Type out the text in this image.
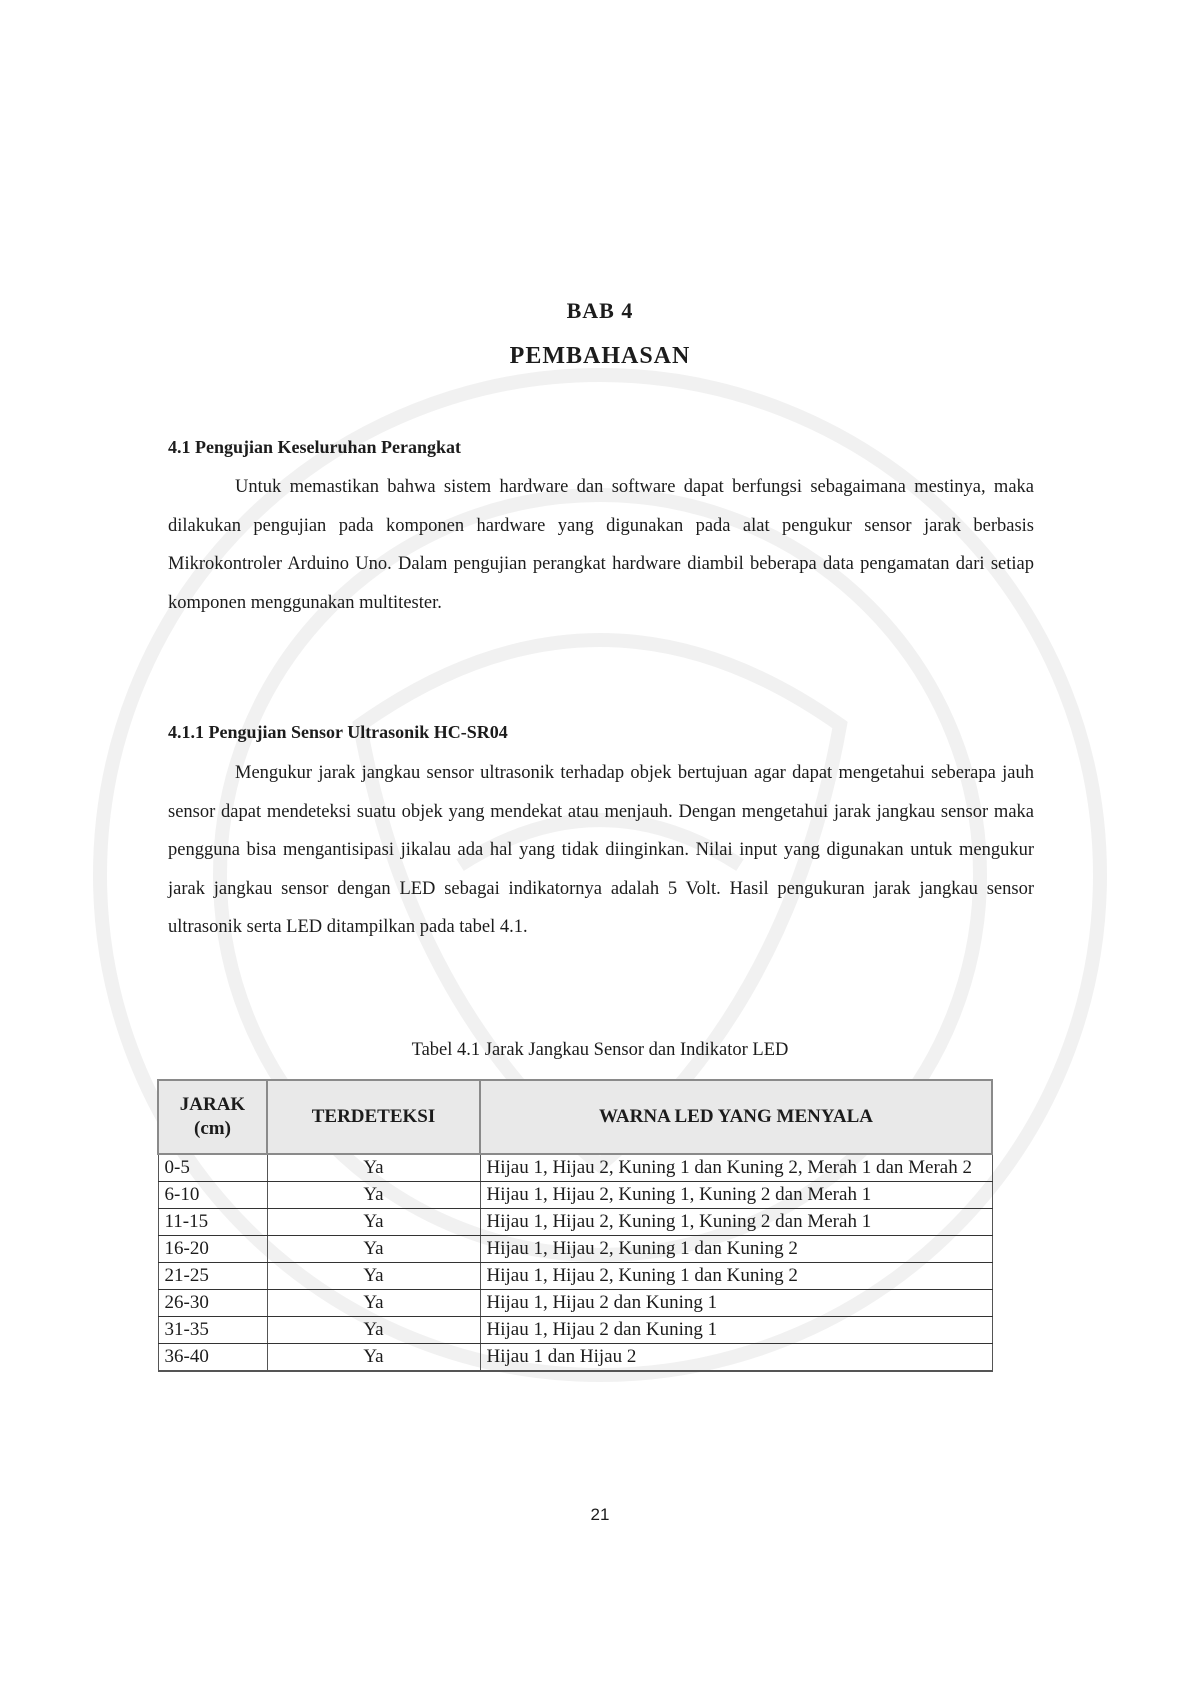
BAB 4
PEMBAHASAN
4.1 Pengujian Keseluruhan Perangkat

Untuk memastikan bahwa sistem hardware dan software dapat berfungsi sebagaimana mestinya, maka dilakukan pengujian pada komponen hardware yang digunakan pada alat pengukur sensor jarak berbasis Mikrokontroler Arduino Uno. Dalam pengujian perangkat hardware diambil beberapa data pengamatan dari setiap komponen menggunakan multitester.

4.1.1 Pengujian Sensor Ultrasonik HC-SR04

Mengukur jarak jangkau sensor ultrasonik terhadap objek bertujuan agar dapat mengetahui seberapa jauh sensor dapat mendeteksi suatu objek yang mendekat atau menjauh. Dengan mengetahui jarak jangkau sensor maka pengguna bisa mengantisipasi jikalau ada hal yang tidak diinginkan. Nilai input yang digunakan untuk mengukur jarak jangkau sensor dengan LED sebagai indikatornya adalah 5 Volt. Hasil pengukuran jarak jangkau sensor ultrasonik serta LED ditampilkan pada tabel 4.1.

Tabel 4.1 Jarak Jangkau Sensor dan Indikator LED
JARAK (cm)	TERDETEKSI	WARNA LED YANG MENYALA
0-5	Ya	Hijau 1, Hijau 2, Kuning 1 dan Kuning 2, Merah 1 dan Merah 2
6-10	Ya	Hijau 1, Hijau 2, Kuning 1, Kuning 2 dan Merah 1
11-15	Ya	Hijau 1, Hijau 2, Kuning 1, Kuning 2 dan Merah 1
16-20	Ya	Hijau 1, Hijau 2, Kuning 1 dan Kuning 2
21-25	Ya	Hijau 1, Hijau 2, Kuning 1 dan Kuning 2
26-30	Ya	Hijau 1, Hijau 2 dan Kuning 1
31-35	Ya	Hijau 1, Hijau 2 dan Kuning 1
36-40	Ya	Hijau 1 dan Hijau 2
21
